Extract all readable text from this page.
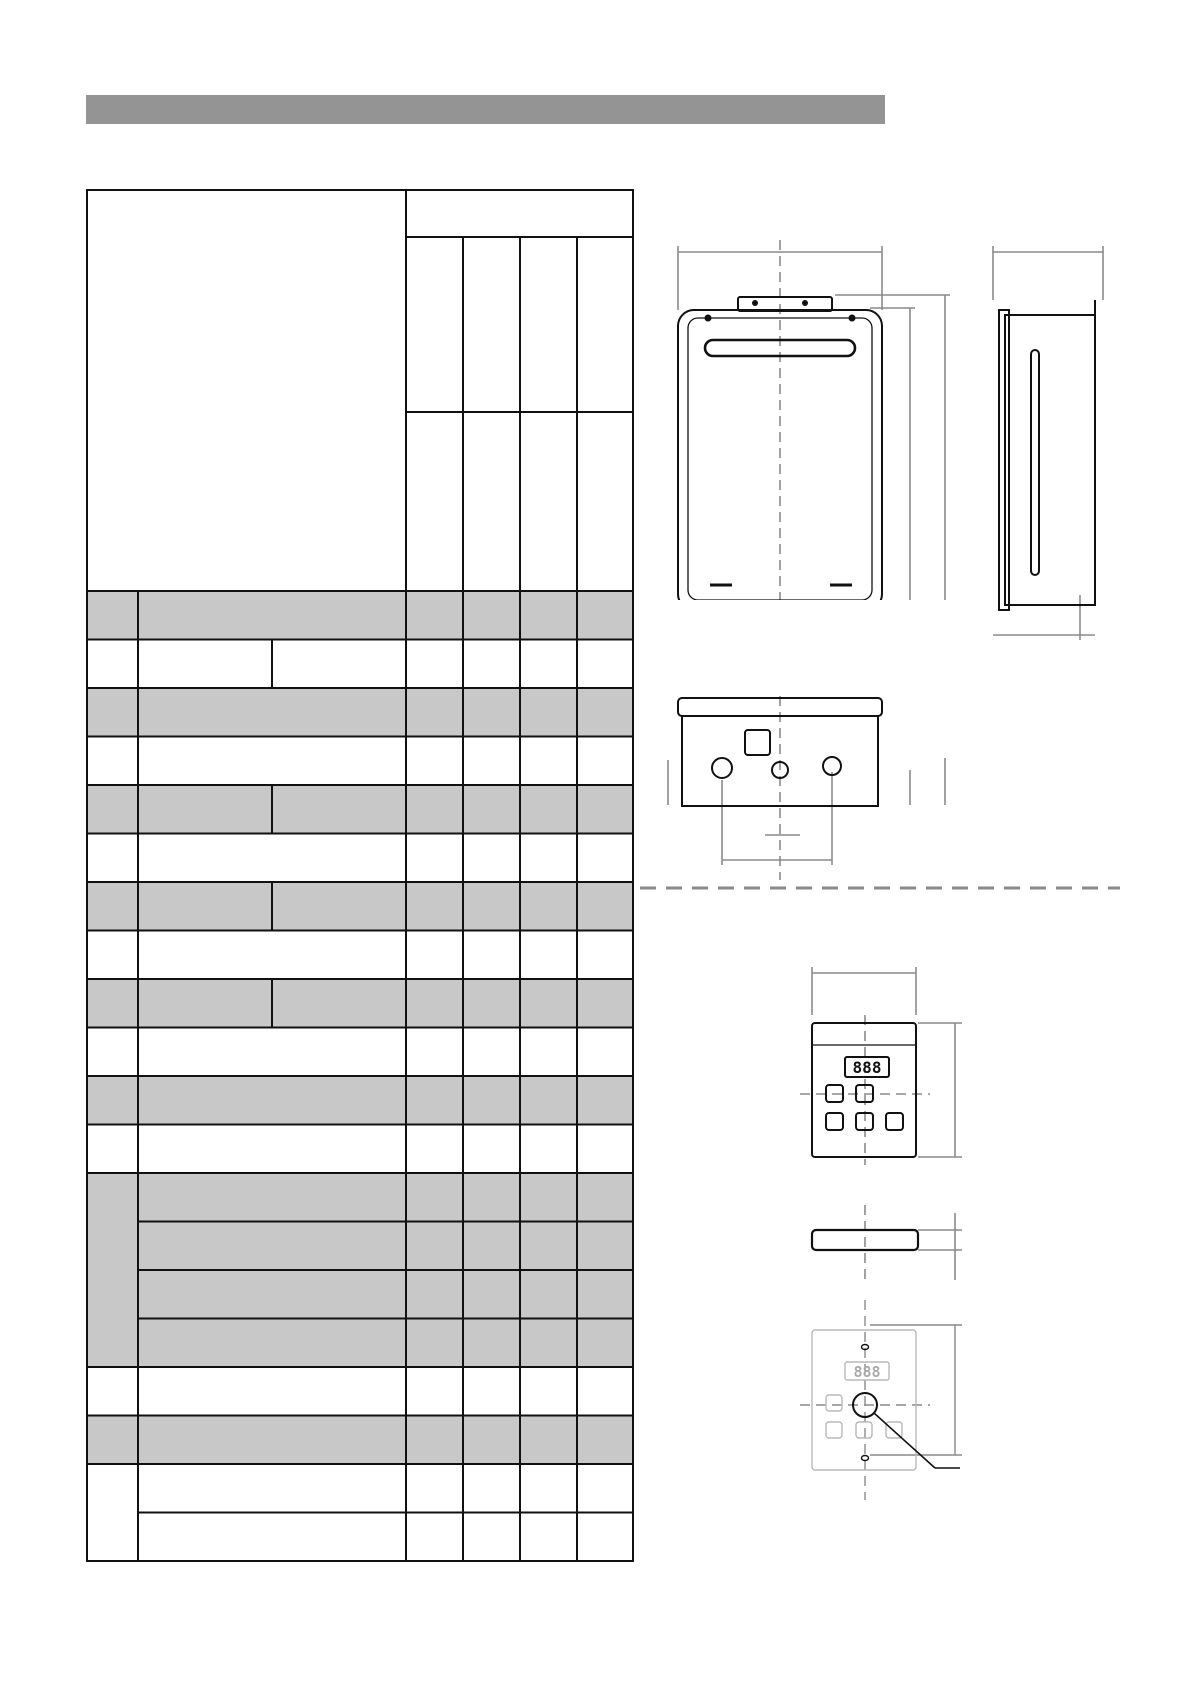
888
888
